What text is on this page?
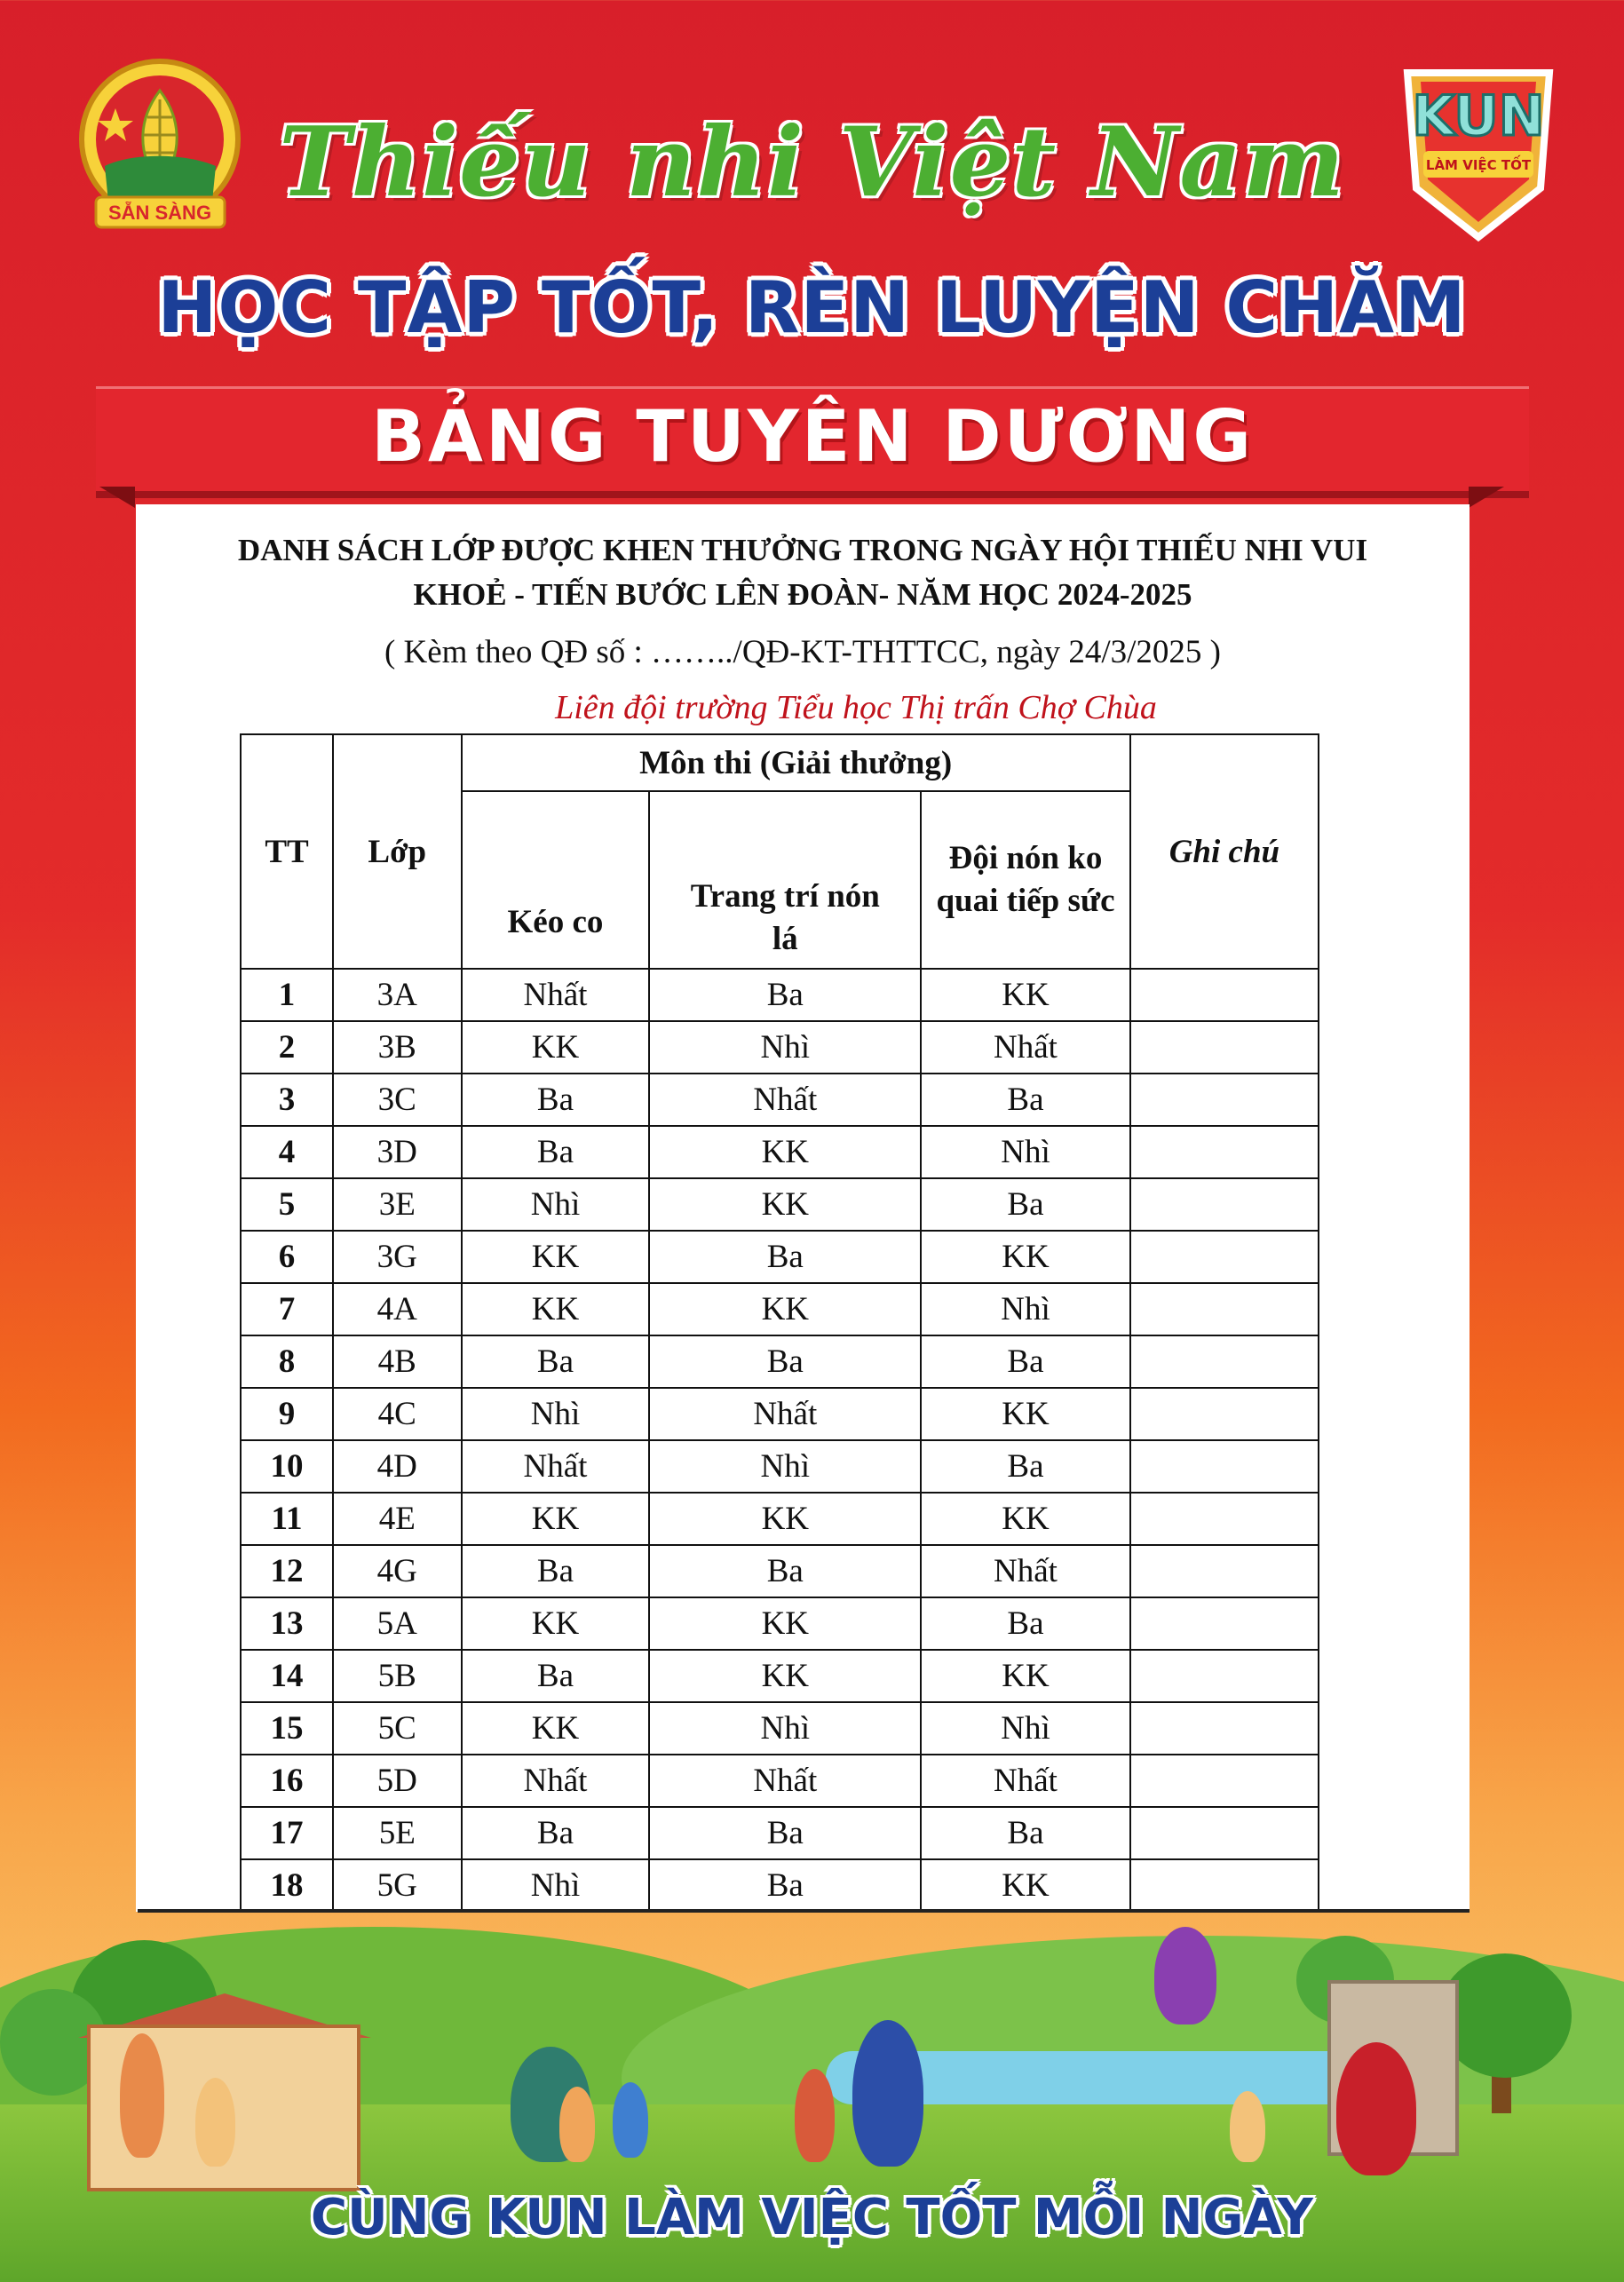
SẴN SÀNG
KUN
LÀM VIỆC TỐT
Thiếu nhi Việt Nam
HỌC TẬP TỐT, RÈN LUYỆN CHĂM
BẢNG TUYÊN DƯƠNG
DANH SÁCH LỚP ĐƯỢC KHEN THƯỞNG TRONG NGÀY HỘI THIẾU NHI VUI
KHOẺ - TIẾN BƯỚC LÊN ĐOÀN- NĂM HỌC 2024-2025
( Kèm theo QĐ số : ……../QĐ-KT-THTTCC, ngày 24/3/2025 )
Liên đội trường Tiểu học Thị trấn Chợ Chùa
TT	Lớp	Môn thi (Giải thưởng)			Ghi chú
		Kéo co	Trang trí nón lá	Đội nón ko quai tiếp sức	
1	3A	Nhất	Ba	KK	
2	3B	KK	Nhì	Nhất	
3	3C	Ba	Nhất	Ba	
4	3D	Ba	KK	Nhì	
5	3E	Nhì	KK	Ba	
6	3G	KK	Ba	KK	
7	4A	KK	KK	Nhì	
8	4B	Ba	Ba	Ba	
9	4C	Nhì	Nhất	KK	
10	4D	Nhất	Nhì	Ba	
11	4E	KK	KK	KK	
12	4G	Ba	Ba	Nhất	
13	5A	KK	KK	Ba	
14	5B	Ba	KK	KK	
15	5C	KK	Nhì	Nhì	
16	5D	Nhất	Nhất	Nhất	
17	5E	Ba	Ba	Ba	
18	5G	Nhì	Ba	KK	
CÙNG KUN LÀM VIỆC TỐT MỖI NGÀY
